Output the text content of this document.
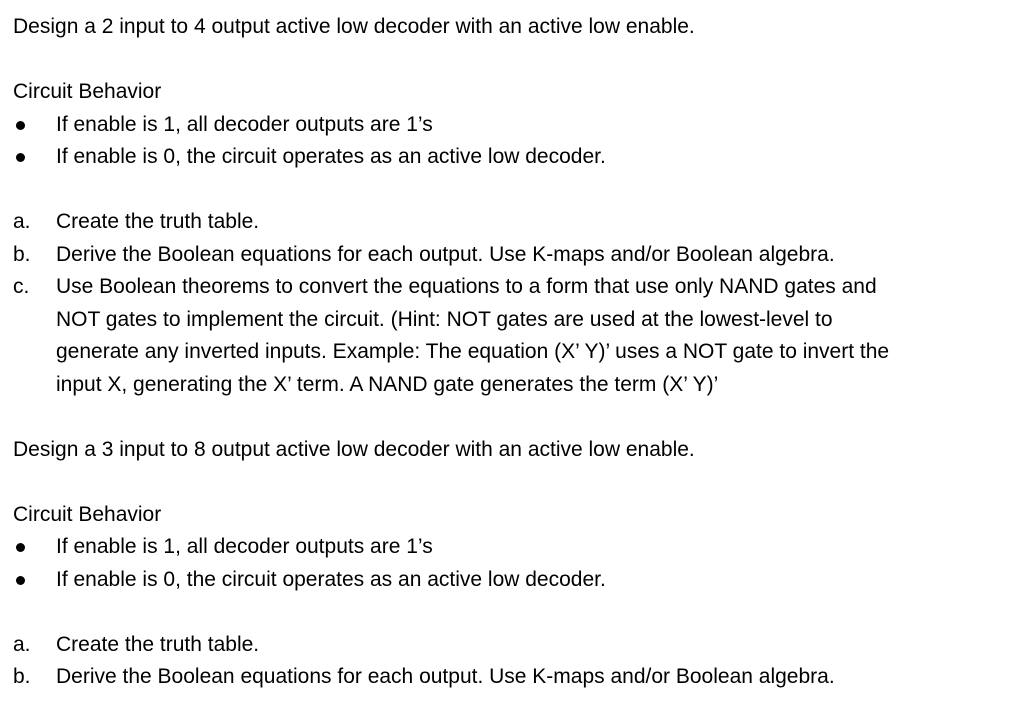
Design a 2 input to 4 output active low decoder with an active low enable.

Circuit Behavior

If enable is 1, all decoder outputs are 1’s
If enable is 0, the circuit operates as an active low decoder.
a. Create the truth table.
b. Derive the Boolean equations for each output. Use K-maps and/or Boolean algebra.
c. Use Boolean theorems to convert the equations to a form that use only NAND gates and
NOT gates to implement the circuit. (Hint: NOT gates are used at the lowest-level to
generate any inverted inputs. Example: The equation (X’ Y)’ uses a NOT gate to invert the
input X, generating the X’ term. A NAND gate generates the term (X’ Y)’

Design a 3 input to 8 output active low decoder with an active low enable.

Circuit Behavior

If enable is 1, all decoder outputs are 1’s
If enable is 0, the circuit operates as an active low decoder.
a. Create the truth table.
b. Derive the Boolean equations for each output. Use K-maps and/or Boolean algebra.
